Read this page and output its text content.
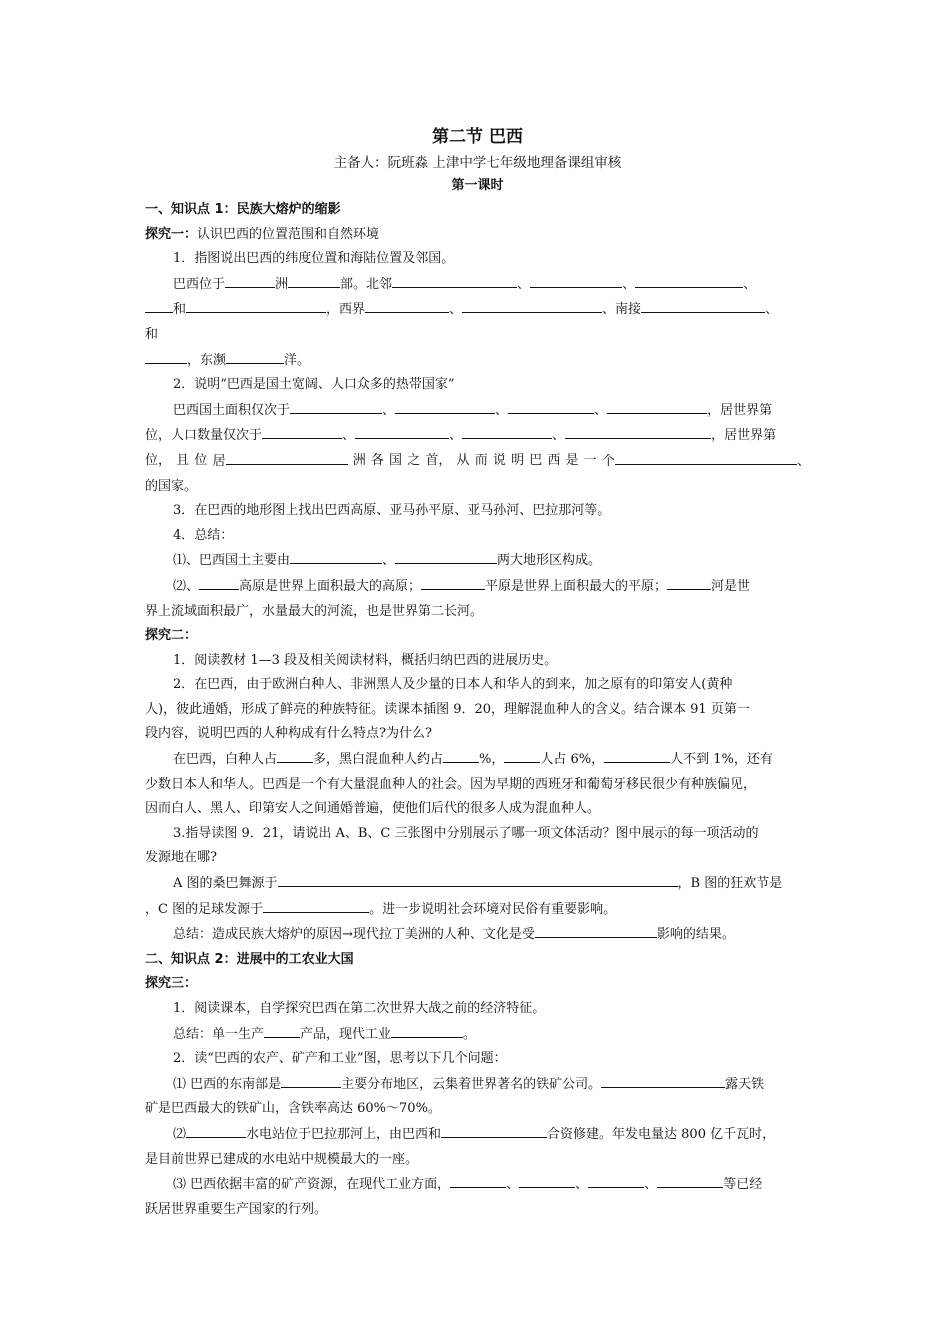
第二节 巴西
主备人：阮班淼 上津中学七年级地理备课组审核
第一课时
一、知识点 1：民族大熔炉的缩影
探究一：认识巴西的位置范围和自然环境
1．指图说出巴西的纬度位置和海陆位置及邻国。
巴西位于	洲	部。北邻	、	、	、
和	，西界	、	、南接	、
和
，东濒	洋。
2．说明“巴西是国土宽阔、人口众多的热带国家”
巴西国土面积仅次于	、	、	、	，居世界第
位，人口数量仅次于	、	、	、	，居世界第
位， 且 位 居	洲 各 国 之 首， 从 而 说 明 巴 西 是 一 个	、
的国家。
3．在巴西的地形图上找出巴西高原、亚马孙平原、亚马孙河、巴拉那河等。
4．总结：
⑴、巴西国土主要由	、	两大地形区构成。
⑵、	高原是世界上面积最大的高原；	平原是世界上面积最大的平原；	河是世
界上流域面积最广，水量最大的河流，也是世界第二长河。
探究二：
1．阅读教材 1—3 段及相关阅读材料，概括归纳巴西的进展历史。
2．在巴西，由于欧洲白种人、非洲黑人及少量的日本人和华人的到来，加之原有的印第安人(黄种
人)，彼此通婚，形成了鲜亮的种族特征。读课本插图 9．20，理解混血种人的含义。结合课本 91 页第一
段内容，说明巴西的人种构成有什么特点?为什么?
在巴西，白种人占	多，黑白混血种人约占	%，	人占 6%，	人不到 1%，还有
少数日本人和华人。巴西是一个有大量混血种人的社会。因为早期的西班牙和葡萄牙移民很少有种族偏见，
因而白人、黑人、印第安人之间通婚普遍，使他们后代的很多人成为混血种人。
3.指导读图 9．21，请说出 A、B、C 三张图中分别展示了哪一项文体活动？图中展示的每一项活动的
发源地在哪?
A 图的桑巴舞源于	，B 图的狂欢节是
，C 图的足球发源于	。进一步说明社会环境对民俗有重要影响。
总结：造成民族大熔炉的原因→现代拉丁美洲的人种、文化是受	影响的结果。
二、知识点 2：进展中的工农业大国
探究三：
1．阅读课本，自学探究巴西在第二次世界大战之前的经济特征。
总结：单一生产	产品，现代工业	。
2．读“巴西的农产、矿产和工业”图，思考以下几个问题：
⑴ 巴西的东南部是	主要分布地区，云集着世界著名的铁矿公司。	露天铁
矿是巴西最大的铁矿山，含铁率高达 60%～70%。
⑵	水电站位于巴拉那河上，由巴西和	合资修建。年发电量达 800 亿千瓦时，
是目前世界已建成的水电站中规模最大的一座。
⑶ 巴西依据丰富的矿产资源，在现代工业方面，	、	、	、	等已经
跃居世界重要生产国家的行列。
